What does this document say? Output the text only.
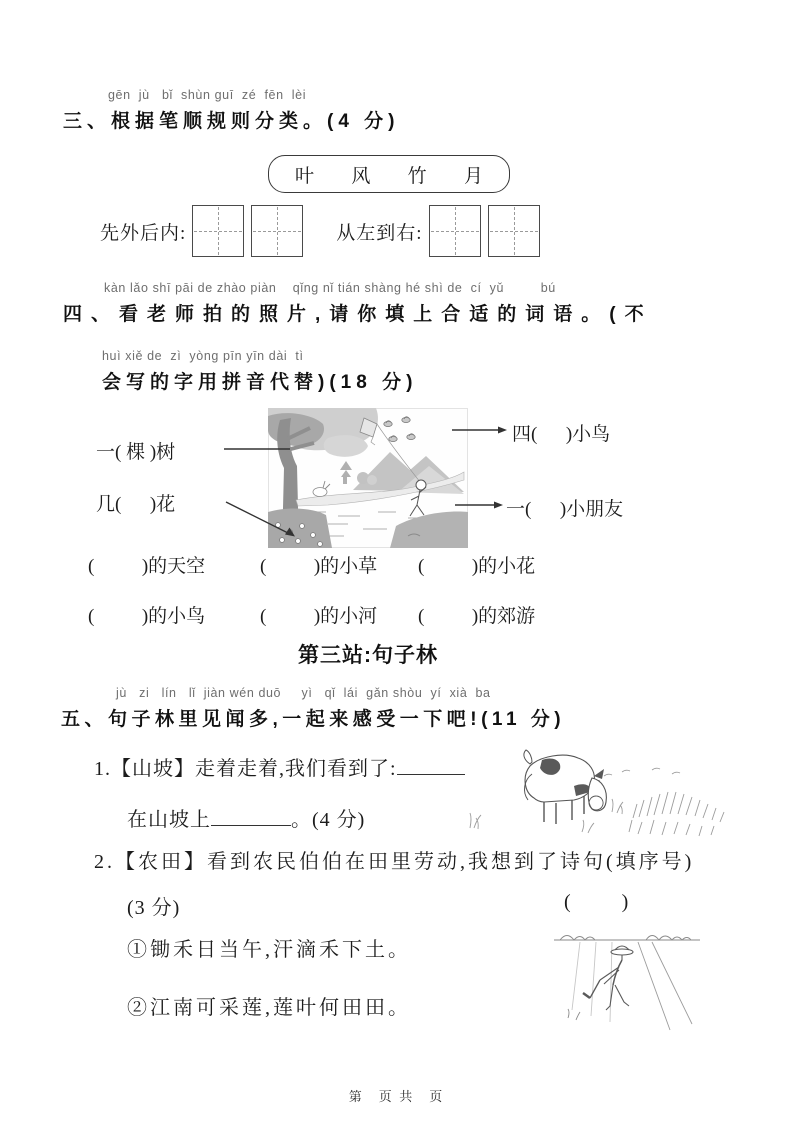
gēn  jù   bǐ  shùn guī  zé  fēn  lèi
三、根据笔顺规则分类。(4 分)
叶 风 竹 月
先外后内:	从左到右:
kàn lǎo shī pāi de zhào piàn    qǐng nǐ tián shàng hé shì de  cí  yǔ         bú
四、看老师拍的照片,请你填上合适的词语。(不
huì xiě de  zì  yòng pīn yīn dài  tì
会写的字用拼音代替)(18 分)
一( 棵 )树
几(      )花
四(      )小鸟
一(      )小朋友
(          )的天空	(          )的小草 (          )的小花
(          )的小鸟	(          )的小河 (          )的郊游
第三站:句子林
jù   zi   lín   lǐ  jiàn wén duō     yì   qǐ  lái  gǎn shòu  yí  xià  ba
五、句子林里见闻多,一起来感受一下吧!(11 分)
1.【山坡】走着走着,我们看到了:
在山坡上	。(4 分)
2.【农田】看到农民伯伯在田里劳动,我想到了诗句(填序号)
(3 分)	(       )
①锄禾日当午,汗滴禾下土。
②江南可采莲,莲叶何田田。
第　页 共　页
